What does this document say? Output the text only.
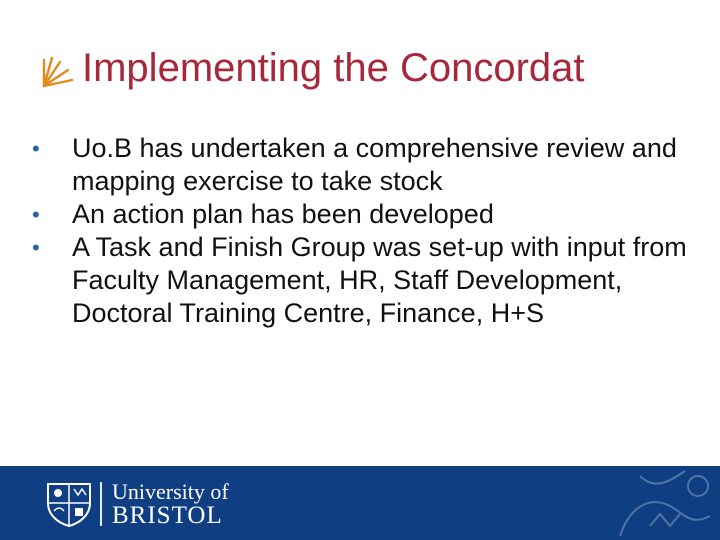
Implementing the Concordat
• Uo.B has undertaken a comprehensive review and mapping exercise to take stock
• An action plan has been developed
• A Task and Finish Group was set-up with input from Faculty Management, HR, Staff Development, Doctoral Training Centre, Finance, H+S
University of
BRISTOL
